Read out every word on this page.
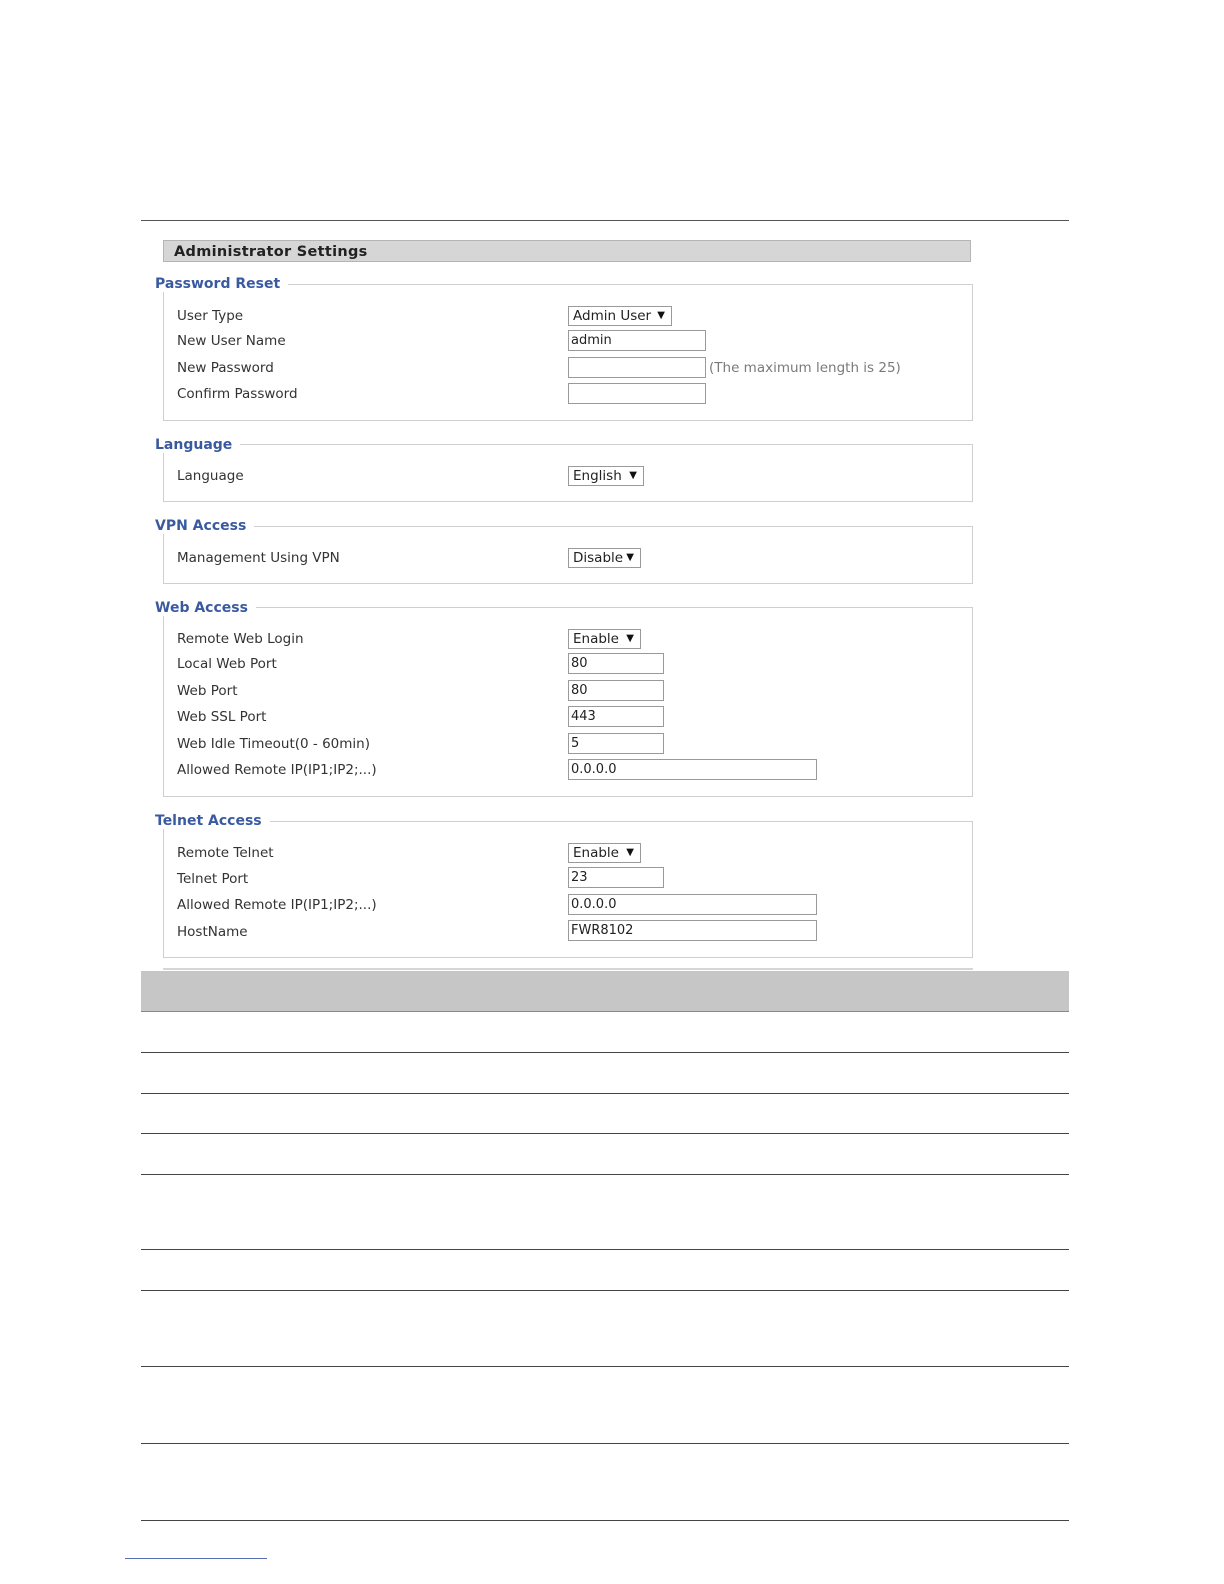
Administrator Settings
Password Reset
User Type	Admin User ▼
New User Name	admin
New Password	(The maximum length is 25)
Confirm Password
Language
Language	English ▼
VPN Access
Management Using VPN	Disable ▼
Web Access
Remote Web Login	Enable ▼
Local Web Port	80
Web Port	80
Web SSL Port	443
Web Idle Timeout(0 - 60min)	5
Allowed Remote IP(IP1;IP2;...)	0.0.0.0
Telnet Access
Remote Telnet	Enable ▼
Telnet Port	23
Allowed Remote IP(IP1;IP2;...)	0.0.0.0
HostName	FWR8102
